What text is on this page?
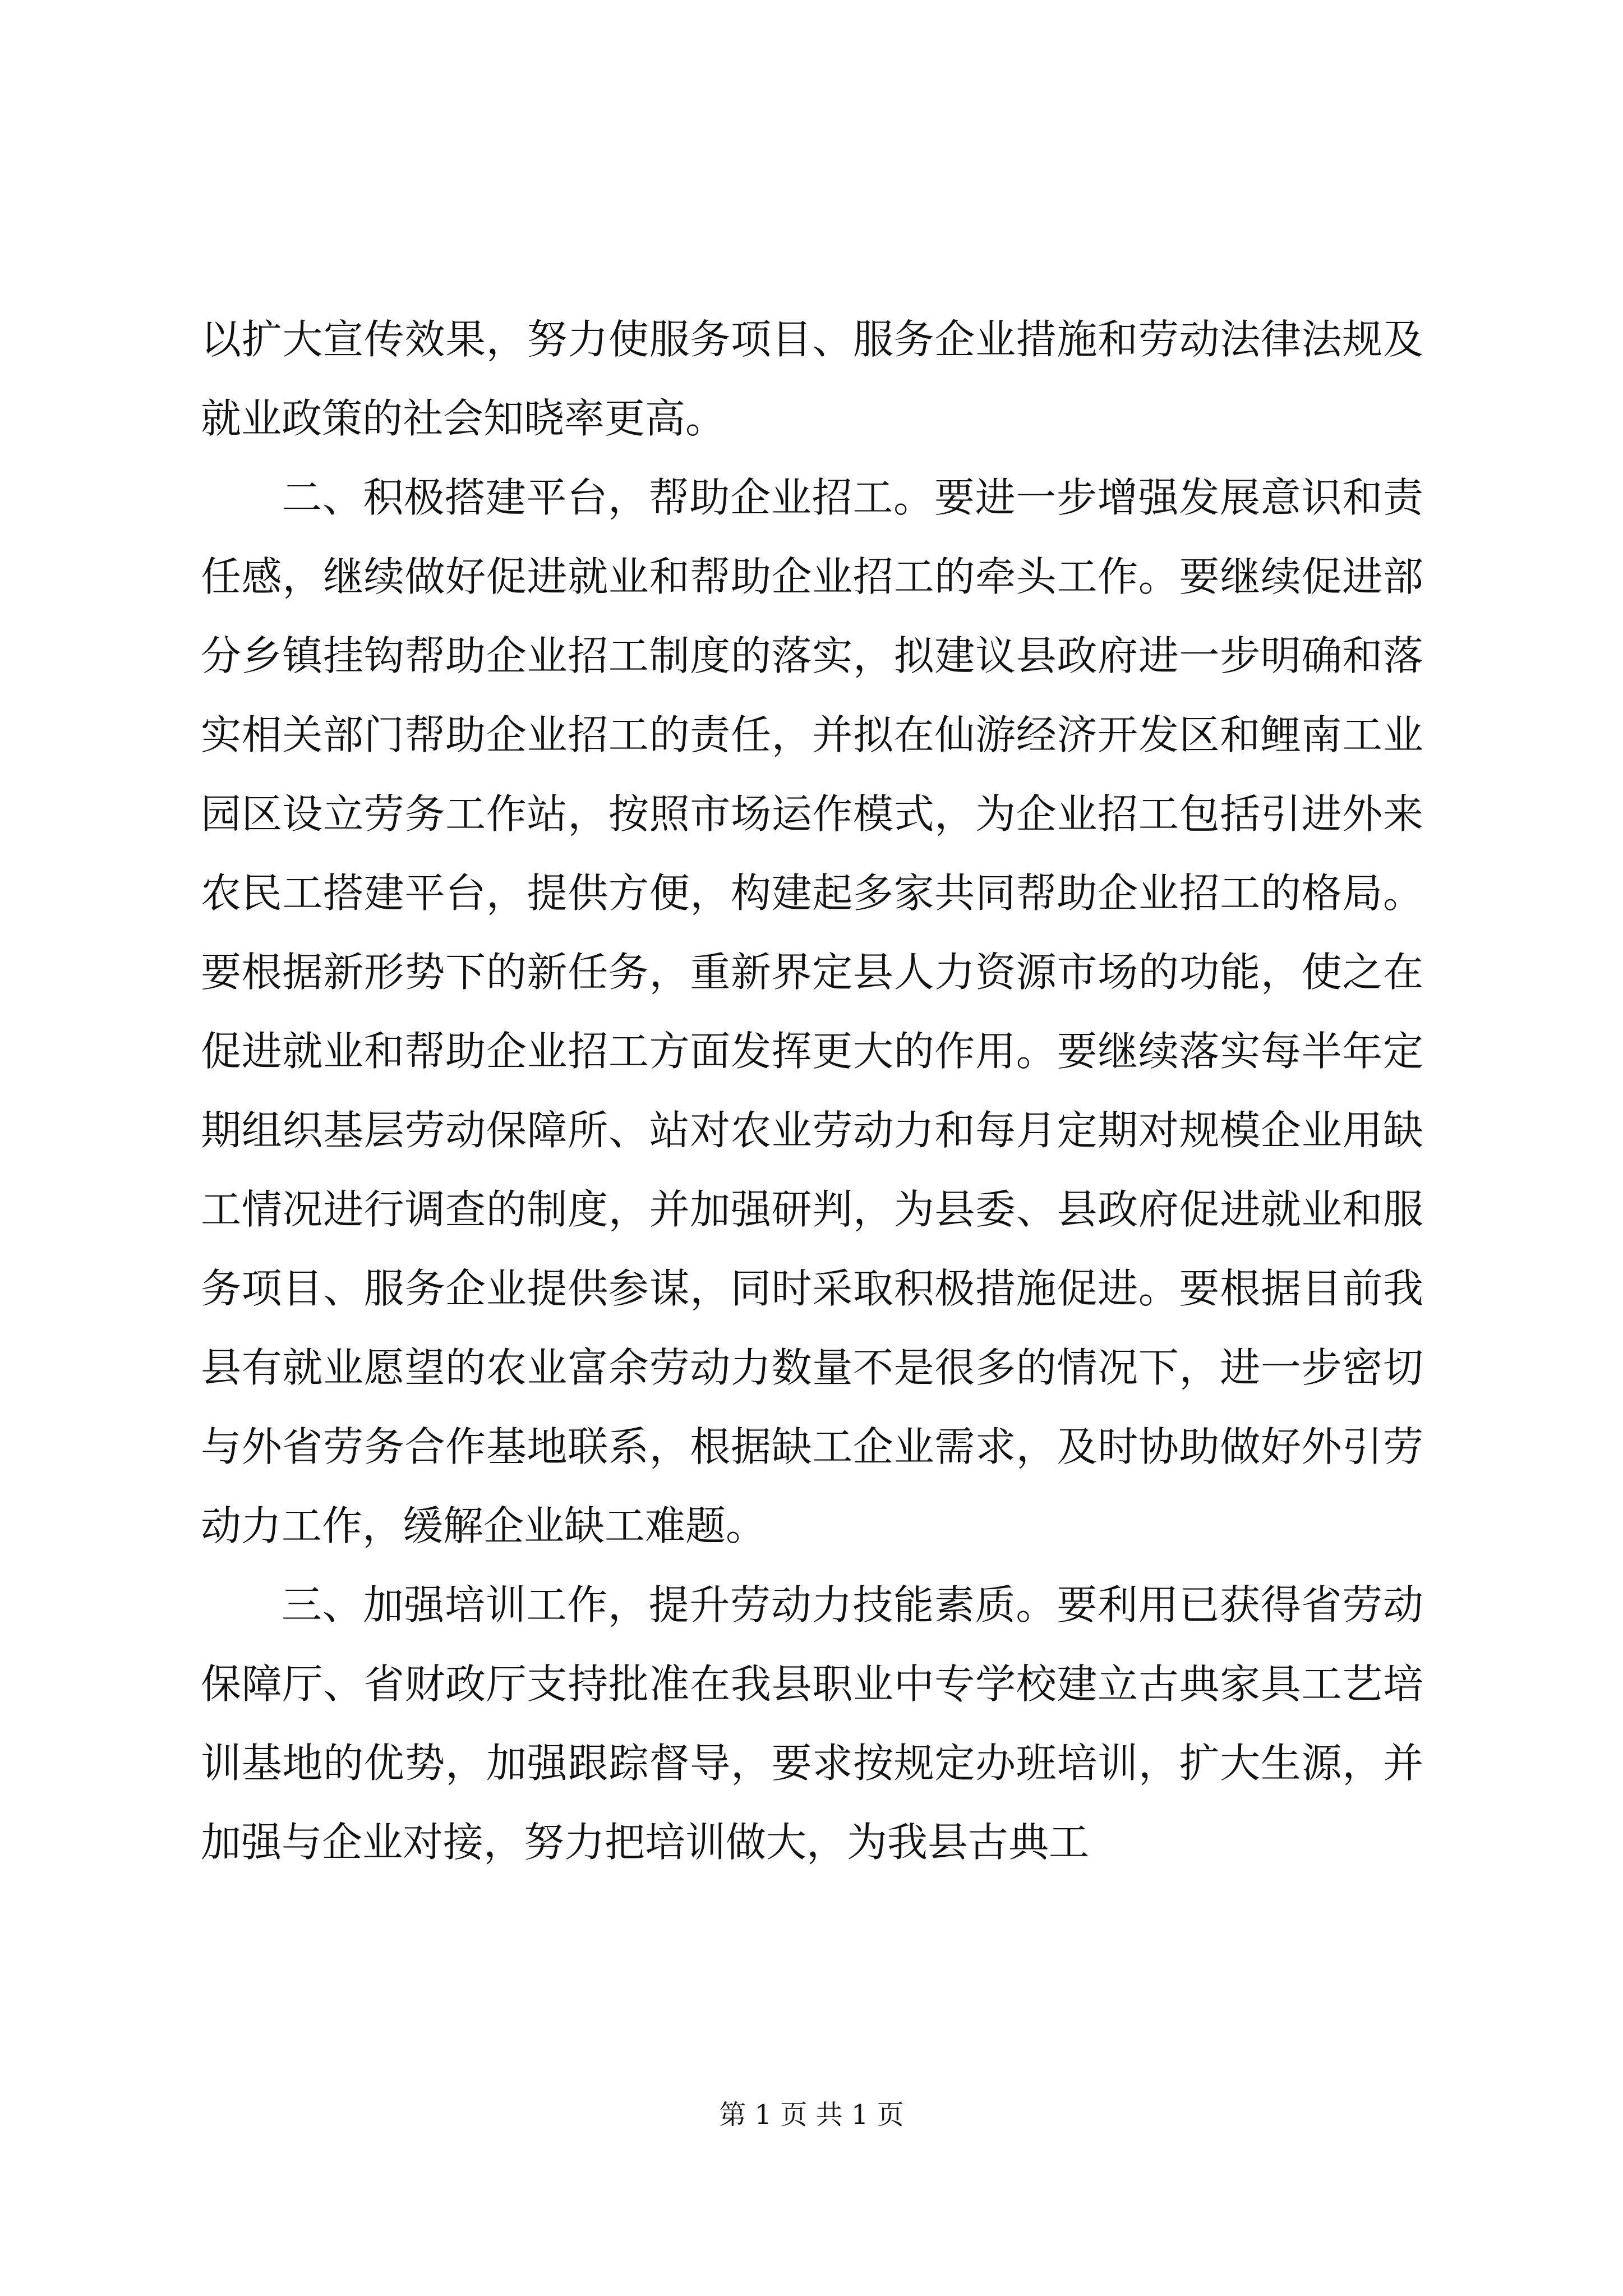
以扩大宣传效果，努力使服务项目、服务企业措施和劳动法律法规及就业政策的社会知晓率更高。

二、积极搭建平台，帮助企业招工。要进一步增强发展意识和责任感，继续做好促进就业和帮助企业招工的牵头工作。要继续促进部分乡镇挂钩帮助企业招工制度的落实，拟建议县政府进一步明确和落实相关部门帮助企业招工的责任，并拟在仙游经济开发区和鲤南工业园区设立劳务工作站，按照市场运作模式，为企业招工包括引进外来农民工搭建平台，提供方便，构建起多家共同帮助企业招工的格局。要根据新形势下的新任务，重新界定县人力资源市场的功能，使之在促进就业和帮助企业招工方面发挥更大的作用。要继续落实每半年定期组织基层劳动保障所、站对农业劳动力和每月定期对规模企业用缺工情况进行调查的制度，并加强研判，为县委、县政府促进就业和服务项目、服务企业提供参谋，同时采取积极措施促进。要根据目前我县有就业愿望的农业富余劳动力数量不是很多的情况下，进一步密切与外省劳务合作基地联系，根据缺工企业需求，及时协助做好外引劳动力工作，缓解企业缺工难题。

三、加强培训工作，提升劳动力技能素质。要利用已获得省劳动保障厅、省财政厅支持批准在我县职业中专学校建立古典家具工艺培训基地的优势，加强跟踪督导，要求按规定办班培训，扩大生源，并加强与企业对接，努力把培训做大，为我县古典工

第 1 页 共 1 页
